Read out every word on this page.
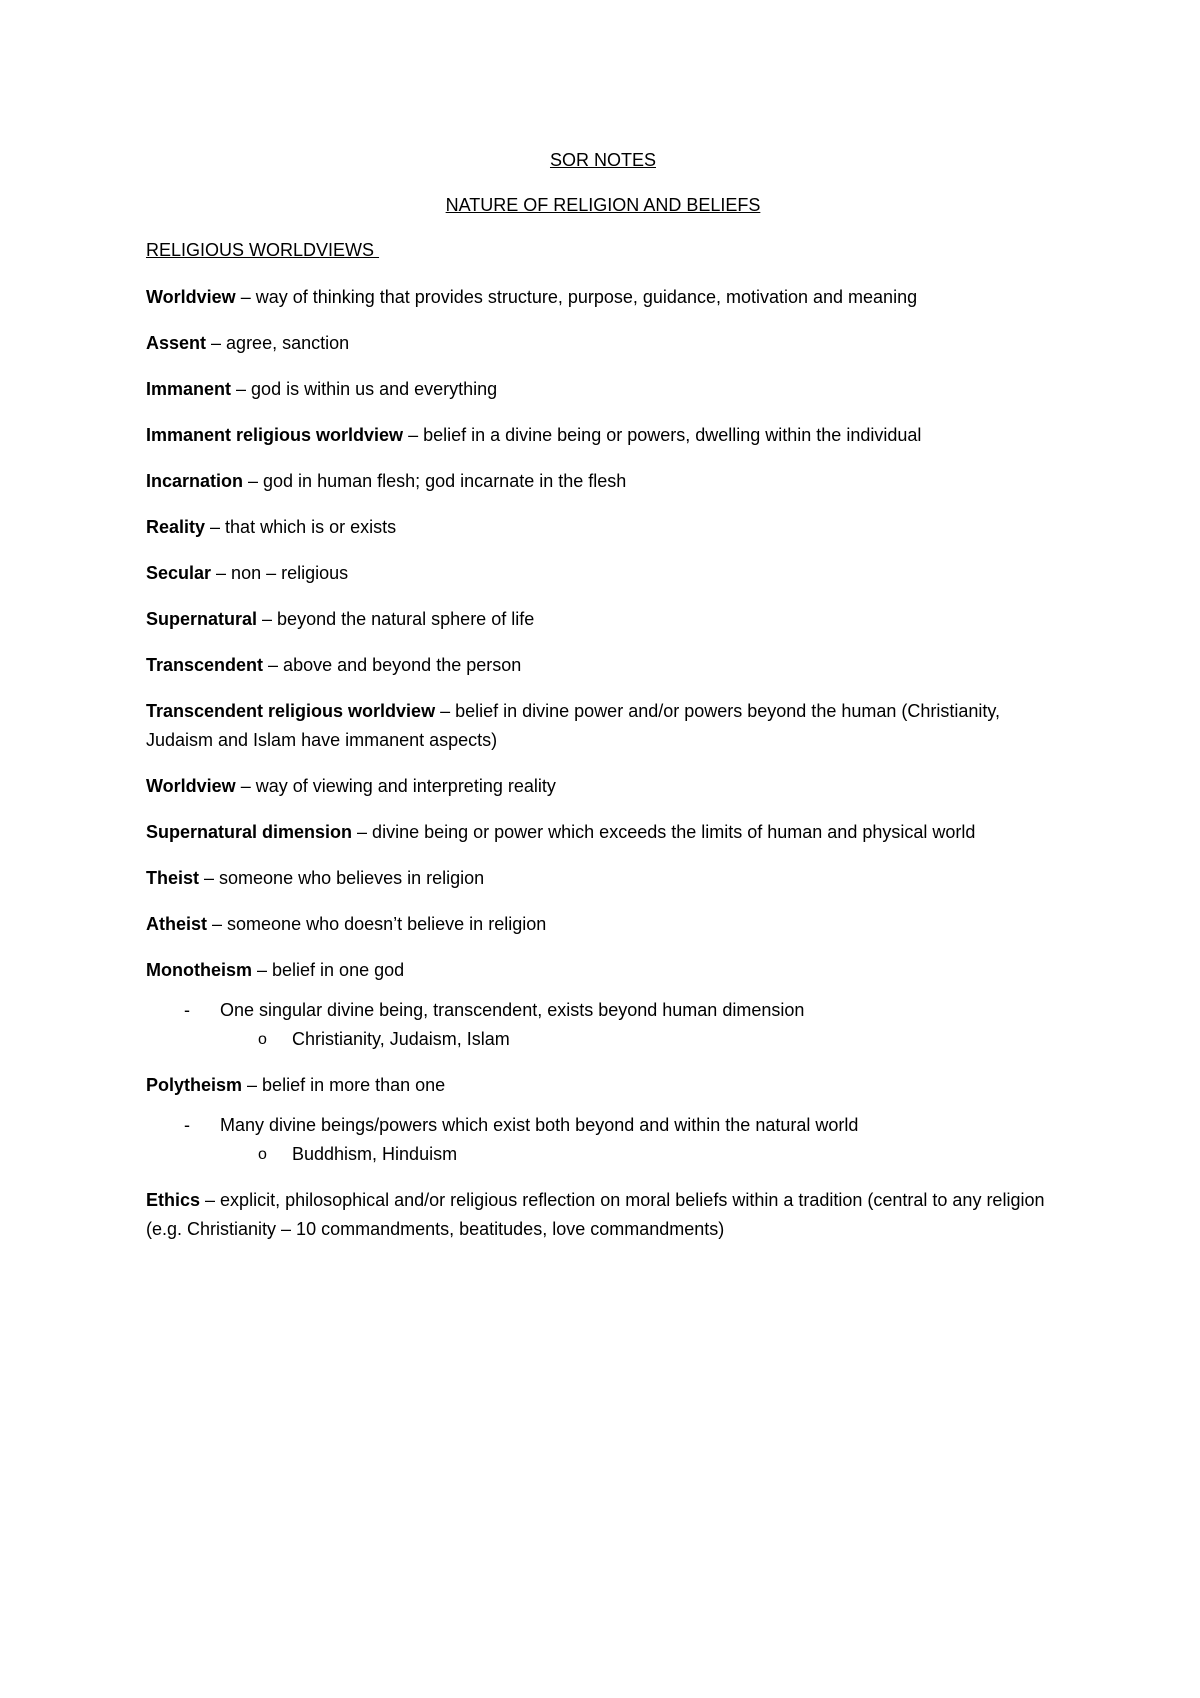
SOR NOTES

NATURE OF RELIGION AND BELIEFS

RELIGIOUS WORLDVIEWS

Worldview – way of thinking that provides structure, purpose, guidance, motivation and meaning

Assent – agree, sanction

Immanent – god is within us and everything

Immanent religious worldview – belief in a divine being or powers, dwelling within the individual

Incarnation – god in human flesh; god incarnate in the flesh

Reality – that which is or exists

Secular – non – religious

Supernatural – beyond the natural sphere of life

Transcendent – above and beyond the person

Transcendent religious worldview – belief in divine power and/or powers beyond the human (Christianity, Judaism and Islam have immanent aspects)

Worldview – way of viewing and interpreting reality

Supernatural dimension – divine being or power which exceeds the limits of human and physical world

Theist – someone who believes in religion

Atheist – someone who doesn’t believe in religion

Monotheism – belief in one god

- One singular divine being, transcendent, exists beyond human dimension

o Christianity, Judaism, Islam

Polytheism – belief in more than one

- Many divine beings/powers which exist both beyond and within the natural world

o Buddhism, Hinduism

Ethics – explicit, philosophical and/or religious reflection on moral beliefs within a tradition (central to any religion (e.g. Christianity – 10 commandments, beatitudes, love commandments)
